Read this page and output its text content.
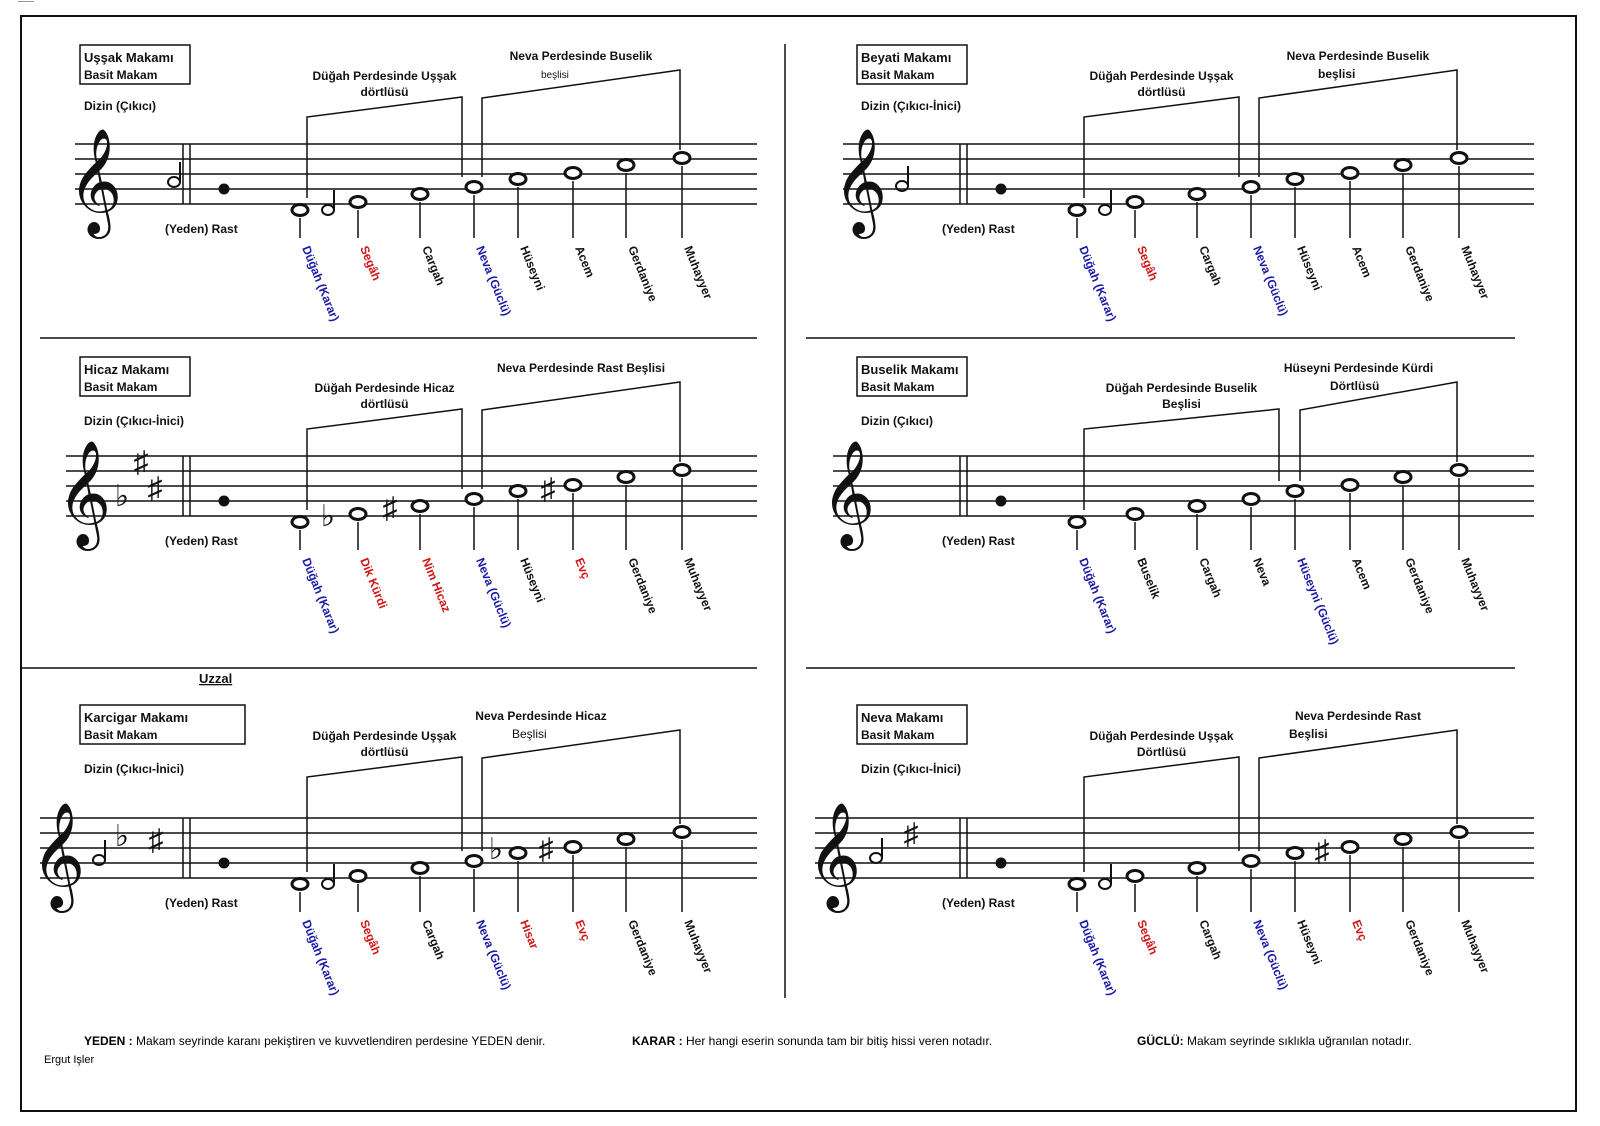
Uşşak Makamı
Basit Makam
Dizin (Çıkıcı)
𝄞	(Yeden) Rast
Düğah (Karar) Segâh	Cargah Neva (Güclü) Hüseyni Acem Gerdaniye Muhayyer
Düğah Perdesinde Uşşak
dörtlüsü
Neva Perdesinde Buselik
beşlisi
Beyati Makamı
Basit Makam
Dizin (Çıkıcı-İnici)
𝄞	(Yeden) Rast
Düğah (Karar) Segâh	Cargah Neva (Güclü) Hüseyni Acem Gerdaniye Muhayyer
Düğah Perdesinde Uşşak
dörtlüsü
Neva Perdesinde Buselik
beşlisi
Hicaz Makamı
Basit Makam
Uzzal
Dizin (Çıkıcı-İnici)
𝄞	(Yeden) Rast
Düğah (Karar) Dik Kürdi Nim Hicaz Neva (Güclü) Hüseyni Evç	Gerdaniye Muhayyer
Düğah Perdesinde Hicaz
dörtlüsü
Neva Perdesinde Rast Beşlisi
♭
♯
♯
♭ ♯
♯
Buselik Makamı
Basit Makam
Dizin (Çıkıcı)
𝄞	(Yeden) Rast
Düğah (Karar) Buselik	Cargah Neva Hüseyni (Güclü) Acem Gerdaniye Muhayyer
Düğah Perdesinde Buselik
Beşlisi
Hüseyni Perdesinde Kürdi
Dörtlüsü
Karcigar Makamı
Basit Makam
Dizin (Çıkıcı-İnici)
𝄞	(Yeden) Rast
Düğah (Karar) Segâh	Cargah Neva (Güclü) Hisar	Evç	Gerdaniye Muhayyer
Düğah Perdesinde Uşşak
dörtlüsü
Neva Perdesinde Hicaz
Beşlisi
♭ ♯	♭ ♯
Neva Makamı
Basit Makam
Dizin (Çıkıcı-İnici)
𝄞	(Yeden) Rast
Düğah (Karar) Segâh	Cargah Neva (Güclü) Hüseyni Evç	Gerdaniye Muhayyer
Düğah Perdesinde Uşşak
Dörtlüsü
Neva Perdesinde Rast
Beşlisi
♯
♯
YEDEN : Makam seyrinde karanı pekiştiren ve kuvvetlendiren perdesine YEDEN denir.	KARAR : Her hangi eserin sonunda tam bir bitiş hissi veren notadır.	GÜCLÜ: Makam seyrinde sıklıkla uğranılan notadır.
Ergut Işler
